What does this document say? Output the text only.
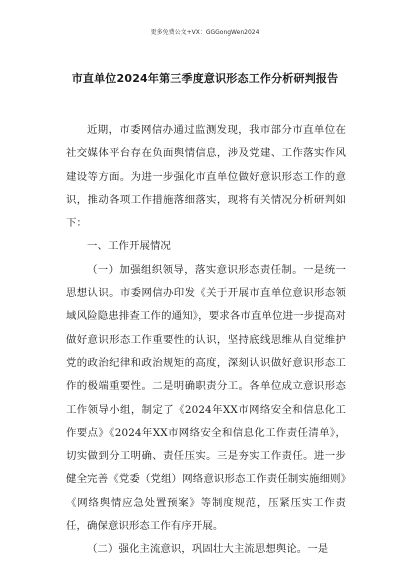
更多免费公文+VX：GGGongWen2024
市直单位2024年第三季度意识形态工作分析研判报告

近期，市委网信办通过监测发现，我市部分市直单位在社交媒体平台存在负面舆情信息，涉及党建、工作落实作风建设等方面。为进一步强化市直单位做好意识形态工作的意识，推动各项工作措施落细落实，现将有关情况分析研判如下：

一、工作开展情况

（一）加强组织领导，落实意识形态责任制。一是统一思想认识。市委网信办印发《关于开展市直单位意识形态领域风险隐患排查工作的通知》，要求各市直单位进一步提高对做好意识形态工作重要性的认识，坚持底线思维从自觉维护党的政治纪律和政治规矩的高度，深刻认识做好意识形态工作的极端重要性。二是明确职责分工。各单位成立意识形态工作领导小组，制定了《2024年XX市网络安全和信息化工作要点》《2024年XX市网络安全和信息化工作责任清单》，切实做到分工明确、责任压实。三是夯实工作责任。进一步健全完善《党委（党组）网络意识形态工作责任制实施细则》《网络舆情应急处置预案》等制度规范，压紧压实工作责任，确保意识形态工作有序开展。

（二）强化主流意识，巩固壮大主流思想舆论。一是
